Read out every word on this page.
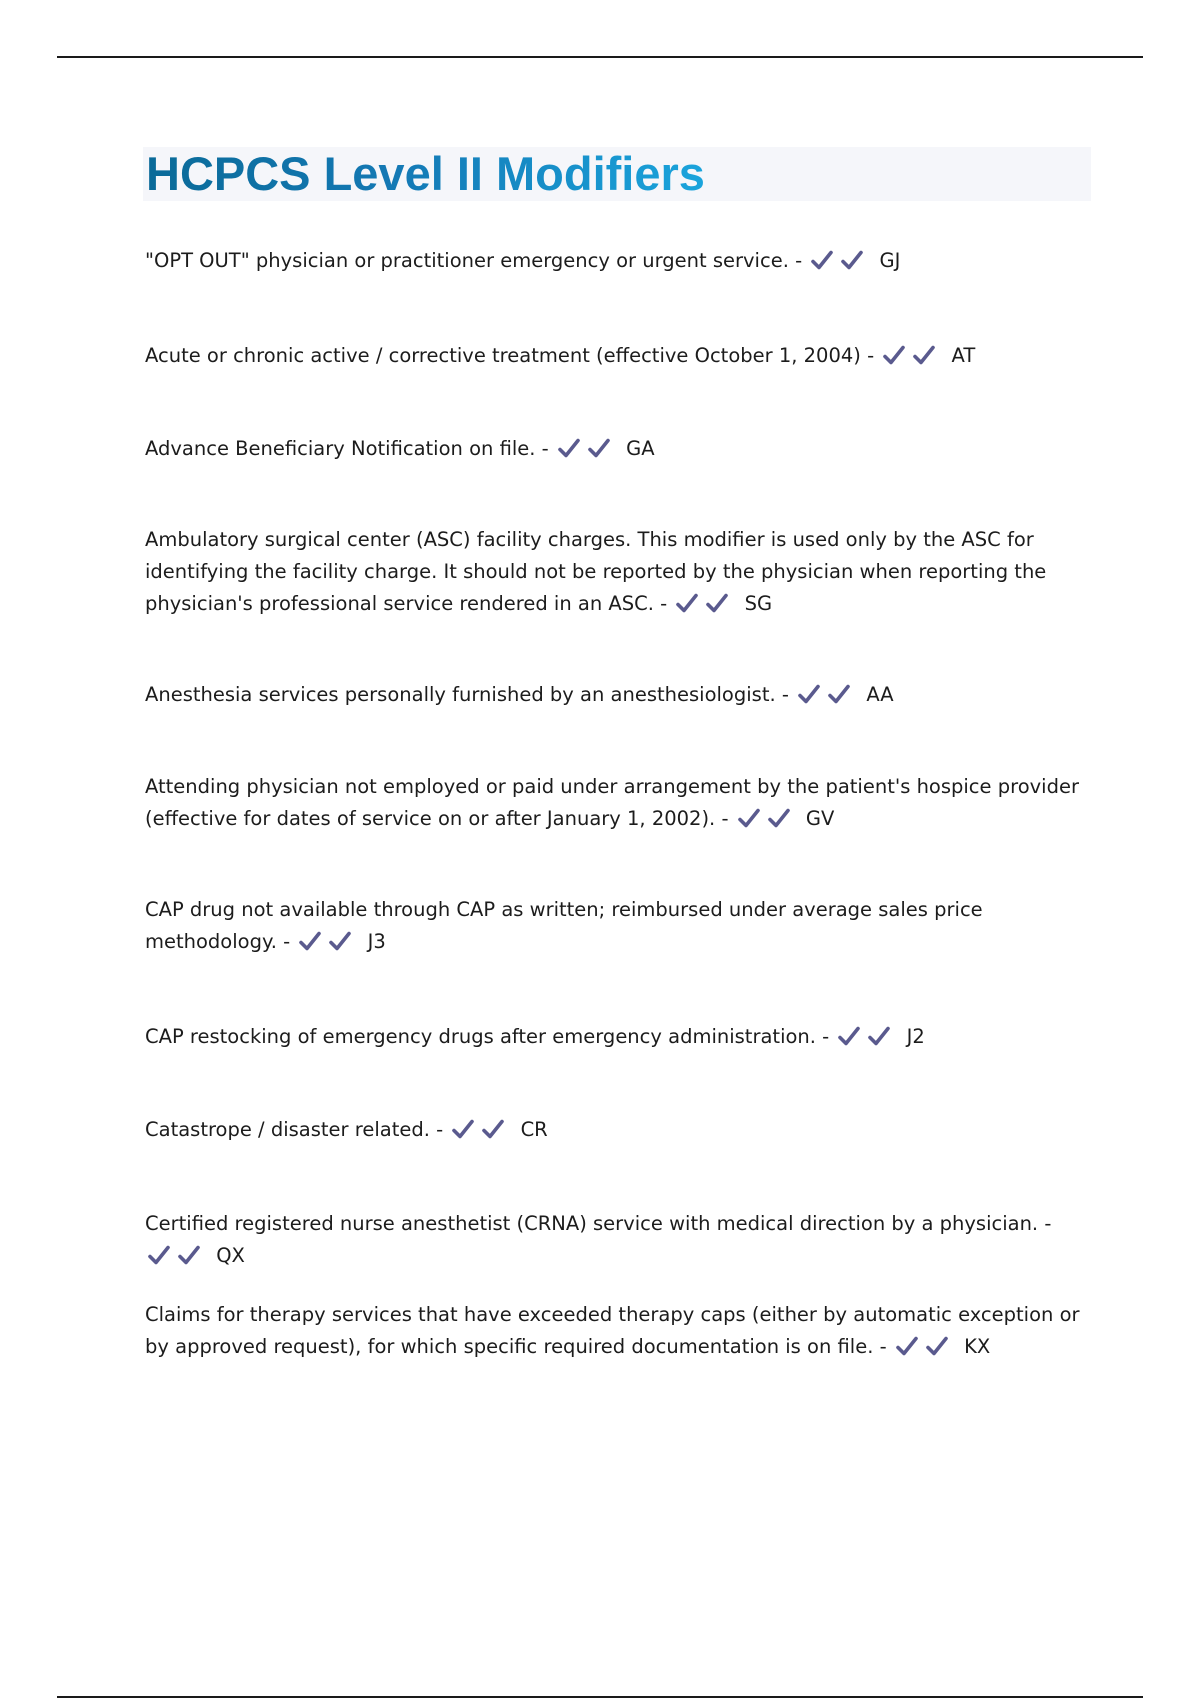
HCPCS Level II Modifiers

"OPT OUT" physician or practitioner emergency or urgent service. -	GJ

Acute or chronic active / corrective treatment (effective October 1, 2004) -	AT

Advance Beneficiary Notification on file. -	GA

Ambulatory surgical center (ASC) facility charges. This modifier is used only by the ASC for identifying the facility charge. It should not be reported by the physician when reporting the physician's professional service rendered in an ASC. -	SG

Anesthesia services personally furnished by an anesthesiologist. -	AA

Attending physician not employed or paid under arrangement by the patient's hospice provider (effective for dates of service on or after January 1, 2002). -	GV

CAP drug not available through CAP as written; reimbursed under average sales price methodology. -	J3

CAP restocking of emergency drugs after emergency administration. -	J2

Catastrope / disaster related. -	CR

Certified registered nurse anesthetist (CRNA) service with medical direction by a physician. -
QX

Claims for therapy services that have exceeded therapy caps (either by automatic exception or by approved request), for which specific required documentation is on file. -	KX
